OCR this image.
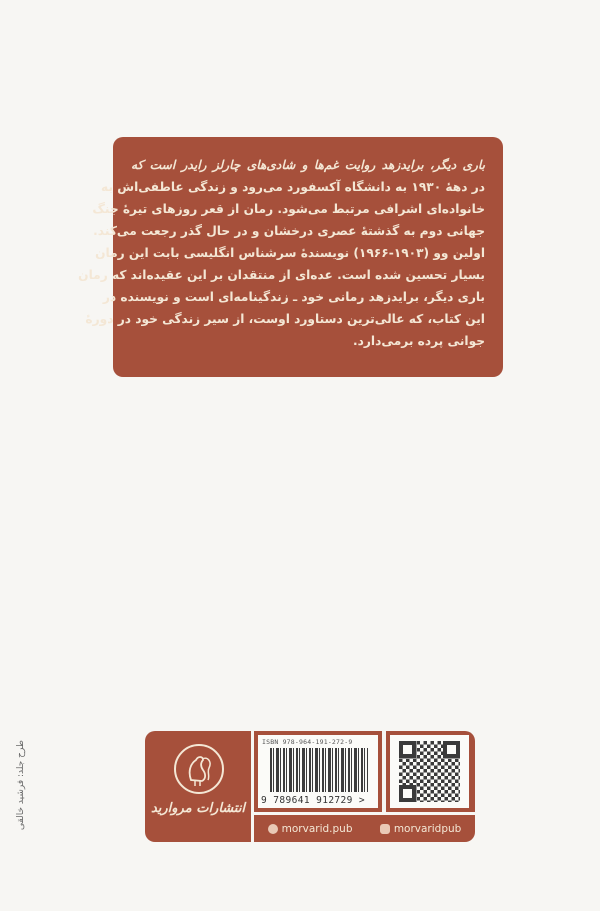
باری دیگر، برایدزهد روایت غم‌ها و شادی‌های چارلز رایدر است که
در دههٔ ۱۹۳۰ به دانشگاه آکسفورد می‌رود و زندگی عاطفی‌اش به
خانواده‌ای اشرافی مرتبط می‌شود. رمان از قعر روزهای تیرهٔ جنگ
جهانی دوم به گذشتهٔ عصری درخشان و در حال گذر رجعت می‌کند.
اولین وو (۱۹۰۳-۱۹۶۶) نویسندهٔ سرشناس انگلیسی بابت این رمان
بسیار تحسین شده است. عده‌ای از منتقدان بر این عقیده‌اند که رمان
باری دیگر، برایدزهد رمانی خود ـ زندگینامه‌ای است و نویسنده در
این کتاب، که عالی‌ترین دستاورد اوست، از سیر زندگی خود در دورهٔ
جوانی پرده برمی‌دارد.
طرح جلد: فرشید خالقی	انتشارات مروارید
ISBN 978-964-191-272-9
9 789641 912729 >
morvarid.pub	morvaridpub
